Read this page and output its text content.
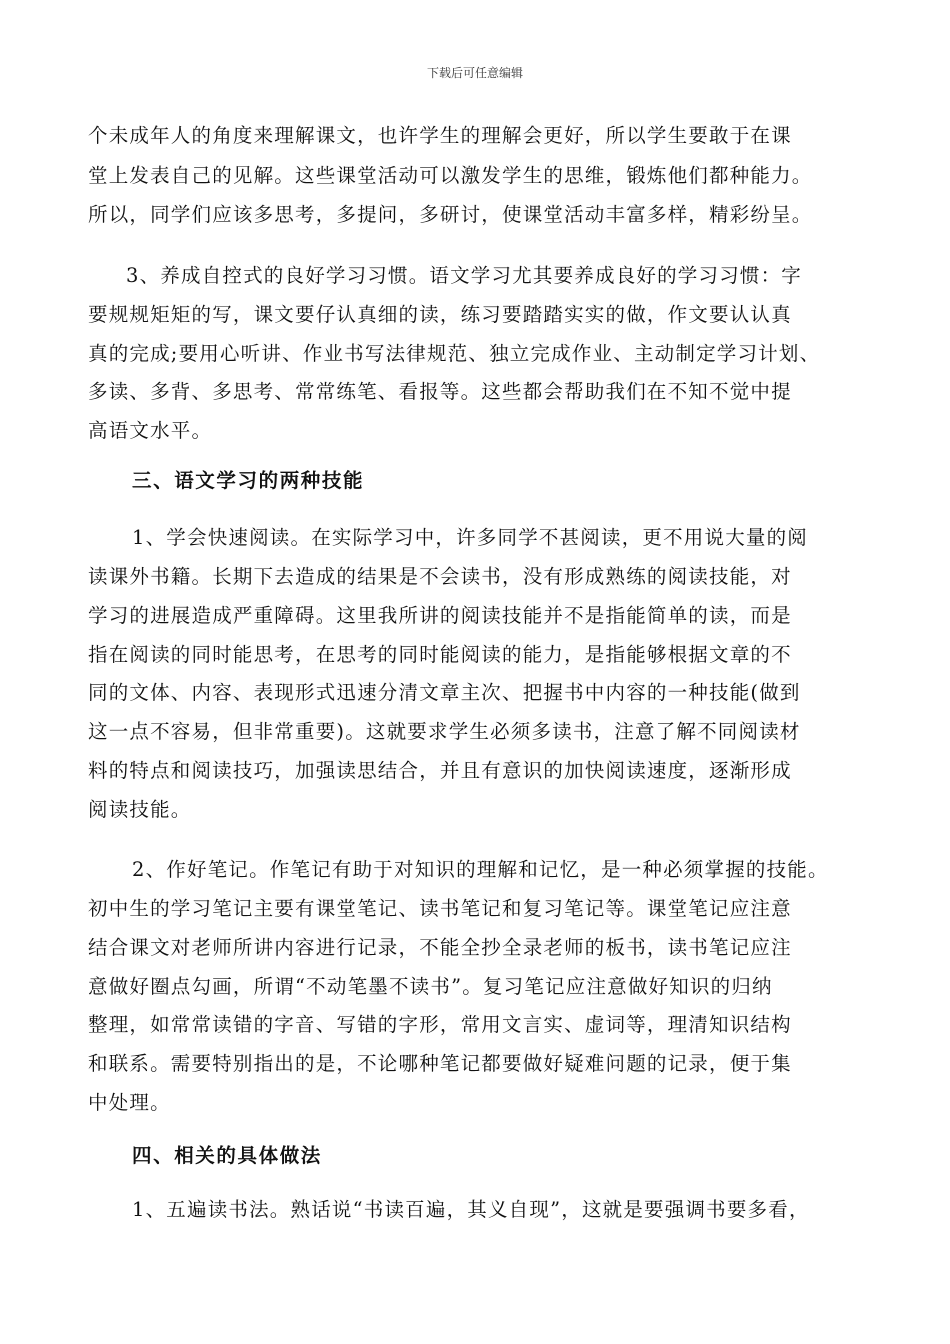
下载后可任意编辑
个未成年人的角度来理解课文，也许学生的理解会更好，所以学生要敢于在课
堂上发表自己的见解。这些课堂活动可以激发学生的思维，锻炼他们都种能力。
所以，同学们应该多思考，多提问，多研讨，使课堂活动丰富多样，精彩纷呈。
3、养成自控式的良好学习习惯。语文学习尤其要养成良好的学习习惯：字
要规规矩矩的写，课文要仔认真细的读，练习要踏踏实实的做，作文要认认真
真的完成;要用心听讲、作业书写法律规范、独立完成作业、主动制定学习计划、
多读、多背、多思考、常常练笔、看报等。这些都会帮助我们在不知不觉中提
高语文水平。
三、语文学习的两种技能
1、学会快速阅读。在实际学习中，许多同学不甚阅读，更不用说大量的阅
读课外书籍。长期下去造成的结果是不会读书，没有形成熟练的阅读技能，对
学习的进展造成严重障碍。这里我所讲的阅读技能并不是指能简单的读，而是
指在阅读的同时能思考，在思考的同时能阅读的能力，是指能够根据文章的不
同的文体、内容、表现形式迅速分清文章主次、把握书中内容的一种技能(做到
这一点不容易，但非常重要)。这就要求学生必须多读书，注意了解不同阅读材
料的特点和阅读技巧，加强读思结合，并且有意识的加快阅读速度，逐渐形成
阅读技能。
2、作好笔记。作笔记有助于对知识的理解和记忆，是一种必须掌握的技能。
初中生的学习笔记主要有课堂笔记、读书笔记和复习笔记等。课堂笔记应注意
结合课文对老师所讲内容进行记录，不能全抄全录老师的板书，读书笔记应注
意做好圈点勾画，所谓“不动笔墨不读书”。复习笔记应注意做好知识的归纳
整理，如常常读错的字音、写错的字形，常用文言实、虚词等，理清知识结构
和联系。需要特别指出的是，不论哪种笔记都要做好疑难问题的记录，便于集
中处理。
四、相关的具体做法
1、五遍读书法。熟话说“书读百遍，其义自现”，这就是要强调书要多看，
